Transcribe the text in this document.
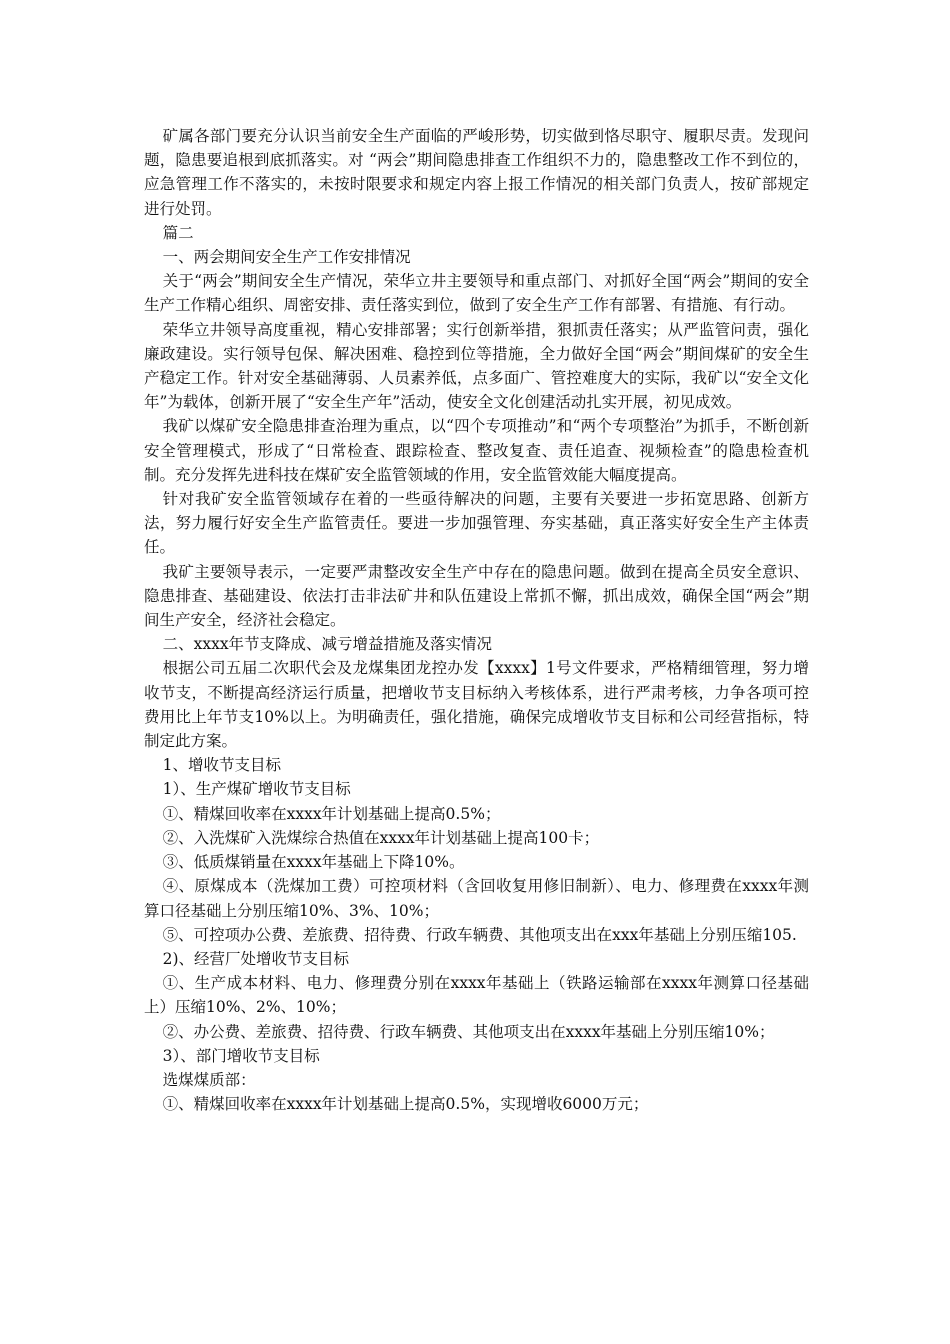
矿属各部门要充分认识当前安全生产面临的严峻形势，切实做到恪尽职守、履职尽责。发现问题，隐患要追根到底抓落实。对 “两会”期间隐患排查工作组织不力的，隐患整改工作不到位的，应急管理工作不落实的，未按时限要求和规定内容上报工作情况的相关部门负责人，按矿部规定进行处罚。

篇二

一、两会期间安全生产工作安排情况

关于“两会”期间安全生产情况，荣华立井主要领导和重点部门、对抓好全国“两会”期间的安全生产工作精心组织、周密安排、责任落实到位，做到了安全生产工作有部署、有措施、有行动。

荣华立井领导高度重视，精心安排部署；实行创新举措，狠抓责任落实；从严监管问责，强化廉政建设。实行领导包保、解决困难、稳控到位等措施，全力做好全国“两会”期间煤矿的安全生产稳定工作。针对安全基础薄弱、人员素养低，点多面广、管控难度大的实际，我矿以“安全文化年”为载体，创新开展了“安全生产年”活动，使安全文化创建活动扎实开展，初见成效。

我矿以煤矿安全隐患排查治理为重点，以“四个专项推动”和“两个专项整治”为抓手，不断创新安全管理模式，形成了“日常检查、跟踪检查、整改复查、责任追查、视频检查”的隐患检查机制。充分发挥先进科技在煤矿安全监管领域的作用，安全监管效能大幅度提高。

针对我矿安全监管领域存在着的一些亟待解决的问题，主要有关要进一步拓宽思路、创新方法，努力履行好安全生产监管责任。要进一步加强管理、夯实基础，真正落实好安全生产主体责任。

我矿主要领导表示，一定要严肃整改安全生产中存在的隐患问题。做到在提高全员安全意识、隐患排查、基础建设、依法打击非法矿井和队伍建设上常抓不懈，抓出成效，确保全国“两会”期间生产安全，经济社会稳定。

二、xxxx年节支降成、减亏增益措施及落实情况

根据公司五届二次职代会及龙煤集团龙控办发【xxxx】1号文件要求，严格精细管理，努力增收节支，不断提高经济运行质量，把增收节支目标纳入考核体系，进行严肃考核，力争各项可控费用比上年节支10%以上。为明确责任，强化措施，确保完成增收节支目标和公司经营指标，特制定此方案。

1、增收节支目标

1）、生产煤矿增收节支目标

①、精煤回收率在xxxx年计划基础上提高0.5%；

②、入洗煤矿入洗煤综合热值在xxxx年计划基础上提高100卡；

③、低质煤销量在xxxx年基础上下降10%。

④、原煤成本（洗煤加工费）可控项材料（含回收复用修旧制新）、电力、修理费在xxxx年测算口径基础上分别压缩10%、3%、10%；

⑤、可控项办公费、差旅费、招待费、行政车辆费、其他项支出在xxx年基础上分别压缩105.

2)、经营厂处增收节支目标

①、生产成本材料、电力、修理费分别在xxxx年基础上（铁路运输部在xxxx年测算口径基础上）压缩10%、2%、10%；

②、办公费、差旅费、招待费、行政车辆费、其他项支出在xxxx年基础上分别压缩10%；

3）、部门增收节支目标

选煤煤质部：

①、精煤回收率在xxxx年计划基础上提高0.5%，实现增收6000万元；
